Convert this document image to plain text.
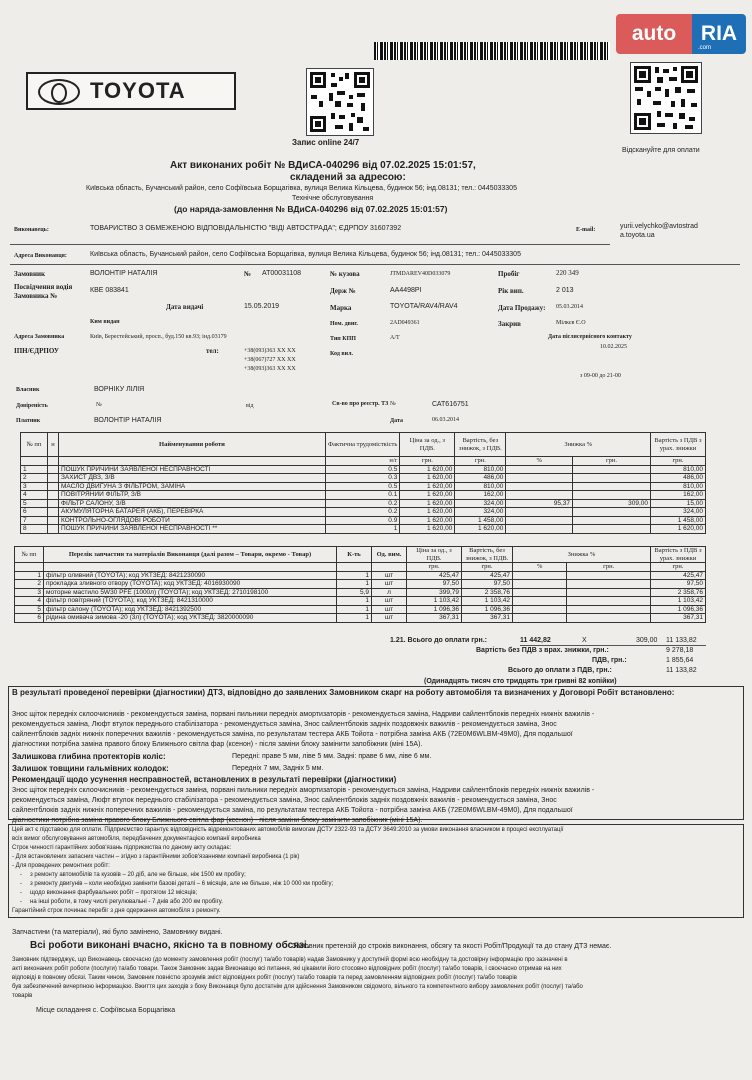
auto	RIA
.com
TOYOTA
Запис online 24/7
Відскануйте для оплати
Акт виконаних робіт № ВДиСА-040296 від 07.02.2025 15:01:57,
складений за адресою:
Київська область, Бучанський район, село Софіївська Борщагівка, вулиця Велика Кільцева, будинок 56; інд.08131; тел.: 0445033305
Технічне обслуговування
(до наряда-замовлення № ВДиСА-040296 від 07.02.2025 15:01:57)
Виконавець:	ТОВАРИСТВО З ОБМЕЖЕНОЮ ВІДПОВІДАЛЬНІСТЮ "ВІДІ АВТОСТРАДА"; ЄДРПОУ 31607392	E-mail:	yurii.velychko@avtostrad
a.toyota.ua
Адреса Виконавця:	Київська область, Бучанський район, село Софіївська Борщагівка, вулиця Велика Кільцева, будинок 56; інд.08131; тел.: 0445033305
Замовник	ВОЛОНТІР НАТАЛІЯ	№ АТ00031108	№ кузова	JTMDAREV40D033079	Пробіг	220 349
Посвідчення водія Замовника №
КВЕ 083841	Держ №	АА4498РІ	Рік вип.	2 013
Дата видачі	15.05.2019	Марка	TOYOTA/RAV4/RAV4	Дата Продажу: 05.03.2014
Ким видан	Ном. двиг.	2AD049361	Закрив	Мілкєв Є.О
Адреса Замовника	Київ, Берестейський, просп., буд.150 кв.93; інд.03179	Тип КПП	A/T	Дата післясервісного контакту
10.02.2025
ІПН/ЄДРПОУ	тел:	+38(093)363 XX XX
+38(067)727 XX XX
+38(093)363 XX XX
Код вил.
з 09-00 до 21-00
Власник	ВОРНІКУ ЛІЛІЯ
Довіреність	№	від	Св-во про реєстр. ТЗ №	САТ616751
Платник	ВОЛОНТІР НАТАЛІЯ	Дата	06.03.2014
№ пп	н	Найменування роботи	Фактична трудомісткість	Ціна за од., з ПДВ.	Вартість, без знижок, з ПДВ.	Знижка %		Вартість з ПДВ з урах. знижки
			н/г	грн.	грн.	%	грн.	грн.
1		ПОШУК ПРИЧИНИ ЗАЯВЛЕНОЇ НЕСПРАВНОСТІ	0.5	1 620,00	810,00			810,00
2		ЗАХИСТ ДВЗ, З/В	0.3	1 620,00	486,00			486,00
3		МАСЛО ДВИГУНА З ФІЛЬТРОМ, ЗАМІНА	0.5	1 620,00	810,00			810,00
4		ПОВІТРЯНИЙ ФІЛЬТР, З/В	0.1	1 620,00	162,00			162,00
5		ФІЛЬТР САЛОНУ, З/В	0.2	1 620,00	324,00	95,37	309,00	15,00
6		АКУМУЛЯТОРНА БАТАРЕЯ (АКБ), ПЕРЕВІРКА	0.2	1 620,00	324,00			324,00
7		КОНТРОЛЬНО-ОГЛЯДОВІ РОБОТИ	0.9	1 620,00	1 458,00			1 458,00
8		ПОШУК ПРИЧИНИ ЗАЯВЛЕНОЇ НЕСПРАВНОСТІ **	1	1 620,00	1 620,00			1 620,00
№ пп	Перелік запчастин та матеріалів Виконавця (далі разом – Товари, окремо - Товар)	К-ть	Од. вим.	Ціна за од., з ПДВ.	Вартість, без знижок, з ПДВ.	Знижка %		Вартість з ПДВ з урах. знижки
				грн.	грн.	%	грн.	грн.
1	фільтр оливний (TOYOTA); код УКТЗЕД: 8421230090	1	шт	425,47	425,47			425,47
2	прокладка зливного отвору (TOYOTA); код УКТЗЕД: 4016930090	1	шт	97,50	97,50			97,50
3	моторне мастило 5W30 PFE (1000л) (TOYOTA); код УКТЗЕД: 2710198100	5,9	л	399,79	2 358,76			2 358,76
4	фільтр повітряний (TOYOTA); код УКТЗЕД: 8421310000	1	шт	1 103,42	1 103,42			1 103,42
5	фільтр салону (TOYOTA); код УКТЗЕД: 8421392500	1	шт	1 096,36	1 096,36			1 096,36
6	рідина омивача зимова -20 (3л) (TOYOTA); код УКТЗЕД: 3820000090	1	шт	367,31	367,31			367,31
1.21. Всього до оплати грн.:	11 442,82	X	309,00 11 133,82
Вартість без ПДВ з врах. знижки, грн.:	9 278,18
ПДВ, грн.:	1 855,64
Всього до оплати з ПДВ, грн.:	11 133,82
(Одинадцять тисяч сто тридцять три гривні 82 копійки)
В результаті проведеної перевірки (діагностики) ДТЗ, відповідно до заявлених Замовником скарг на роботу автомобіля та визначених у Договорі Робіт встановлено:
Знос щіток передніх склоочисників - рекомендується заміна, порвані пильники передніх амортизаторів - рекомендується заміна, Надриви сайлентблоків передніх нижніх важилів -
рекомендується заміна, Люфт втулок переднього стабілізатора - рекомендується заміна, Знос сайлентблоків задніх поздовжніх важилів - рекомендується заміна, Знос
сайлентблоків задніх нижніх поперечних важилів - рекомендується заміна, по результатам тестера АКБ Тойота - потрібна заміна АКБ (72E0M6WLBM-49M0), Для подальшої
діагностики потрібна заміна правого блоку Ближнього світла фар (ксенон) - після заміни блоку замінити запобіжник (міні 15А).
Залишкова глибина протекторів коліс:	Передні: праве 5 мм, ліве 5 мм. Задні: праве 6 мм, ліве 6 мм.
Залишок товщини гальмівних колодок:	Передніх 7 мм, Задніх 5 мм.
Рекомендації щодо усунення несправностей, встановлених в результаті перевірки (діагностики)
Знос щіток передніх склоочисників - рекомендується заміна, порвані пильники передніх амортизаторів - рекомендується заміна, Надриви сайлентблоків передніх нижніх важилів -
рекомендується заміна, Люфт втулок переднього стабілізатора - рекомендується заміна, Знос сайлентблоків задніх поздовжніх важилів - рекомендується заміна, Знос
сайлентблоків задніх нижніх поперечних важилів - рекомендується заміна, по результатам тестера АКБ Тойота - потрібна заміна АКБ (72E0M6WLBM-49M0), Для подальшої
діагностики потрібна заміна правого блоку Ближнього світла фар (ксенон) - після заміни блоку замінити запобіжник (міні 15А).
Цей акт є підставою для оплати. Підприємство гарантує відповідність відремонтованих автомобілів вимогам ДСТУ 2322-93 та ДСТУ 3649:2010 за умови виконання власником в процесі експлуатації
всіх вимог обслуговування автомобіля, передбачених документацією компанії виробника
Строк чинності гарантійних зобов'язань підприємства по даному акту складає:
- Для встановлених запасних частин – згідно з гарантійними зобов'язаннями компанії виробника (1 рік)
- Для проведених ремонтних робіт:
- з ремонту автомобілів та кузовів – 20 діб, але не більше, ніж 1500 км пробігу;
- з ремонту двигунів – коли необхідно замінити базові деталі – 6 місяців, але не більше, ніж 10 000 км пробігу;
- щодо виконання фарбувальних робіт – протягом 12 місяців;
- на інші роботи, в тому числі регулювальні - 7 днів або 200 км пробігу.
Гарантійний строк починає перебіг з дня одержання автомобіля з ремонту.
Запчастини (та матеріали), які було замінено, Замовнику видані.
Всі роботи виконані вчасно, якісно та в повному обсязі.
Замовник претензій до строків виконання, обсягу та якості Робіт/Продукції та до стану ДТЗ немає.
Замовник підтверджує, що Виконавець своєчасно (до моменту замовлення робіт (послуг) та/або товарів) надав Замовнику у доступній формі всю необхідну та достовірну інформацію про зазначені в
акті виконаних робіт роботи (послуги) та/або товари. Також Замовник задав Виконавцю всі питання, які цікавили його стосовно відповідних робіт (послуг) та/або товарів, і своєчасно отримав на них
відповіді в повному обсязі. Таким чином, Замовник повністю зрозумів зміст відповідних робіт (послуг) та/або товарів та перед замовленням відповідних робіт (послуг) та/або товарів
був забезпечений вичерпною інформацією. Вжиття цих заходів з боку Виконавця було достатнім для здійснення Замовником свідомого, вільного та компетентного вибору замовлених робіт (послуг) та/або
товарів
Місце складання с. Софіївська Борщагівка
